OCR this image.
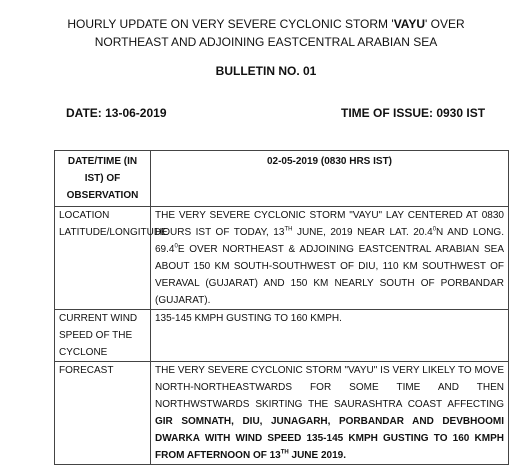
HOURLY UPDATE ON VERY SEVERE CYCLONIC STORM 'VAYU' OVER
NORTHEAST AND ADJOINING EASTCENTRAL ARABIAN SEA
BULLETIN NO. 01
DATE: 13-06-2019	TIME OF ISSUE: 0930 IST
DATE/TIME (IN IST) OF OBSERVATION	02-05-2019 (0830 HRS IST)

LOCATION
LATITUDE/LONGITUDE	THE VERY SEVERE CYCLONIC STORM "VAYU" LAY CENTERED AT 0830 HOURS IST OF TODAY, 13TH JUNE, 2019 NEAR LAT. 20.4$^0$N AND LONG. 69.4$^0$E OVER NORTHEAST & ADJOINING EASTCENTRAL ARABIAN SEA ABOUT 150 KM SOUTH-SOUTHWEST OF DIU, 110 KM SOUTHWEST OF VERAVAL (GUJARAT) AND 150 KM NEARLY SOUTH OF PORBANDAR (GUJARAT).
CURRENT WIND SPEED OF THE CYCLONE	135-145 KMPH GUSTING TO 160 KMPH.
FORECAST	THE VERY SEVERE CYCLONIC STORM "VAYU" IS VERY LIKELY TO MOVE NORTH-NORTHEASTWARDS FOR SOME TIME AND THEN NORTHWSTWARDS SKIRTING THE SAURASHTRA COAST AFFECTING GIR SOMNATH, DIU, JUNAGARH, PORBANDAR AND DEVBHOOMI DWARKA WITH WIND SPEED 135-145 KMPH GUSTING TO 160 KMPH FROM AFTERNOON OF 13TH JUNE 2019.
